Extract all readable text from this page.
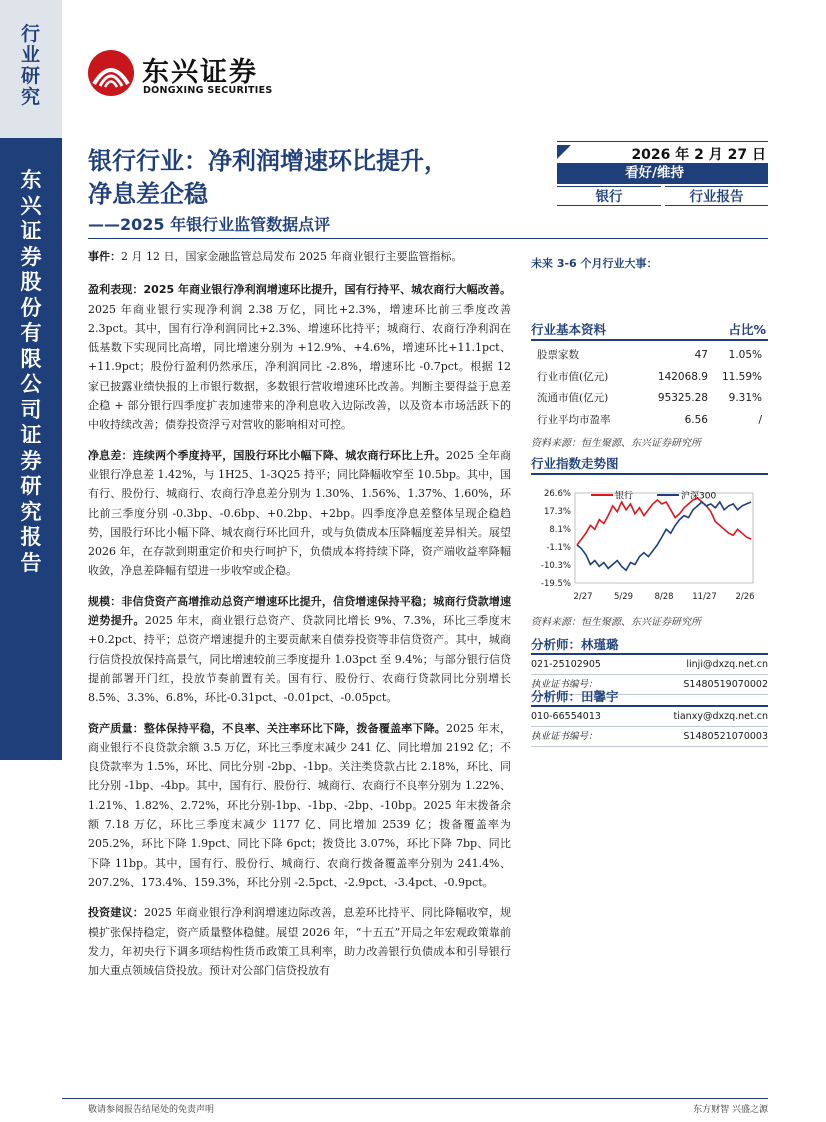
行业研究
东兴证券股份有限公司证券研究报告
东兴证券
DONGXING SECURITIES
银行行业：净利润增速环比提升，
净息差企稳
——2025 年银行业监管数据点评
2026 年 2 月 27 日
看好/维持
银行	行业报告

事件：2 月 12 日，国家金融监管总局发布 2025 年商业银行主要监管指标。

盈利表现：2025 年商业银行净利润增速环比提升，国有行持平、城农商行大幅改善。2025 年商业银行实现净利润 2.38 万亿，同比+2.3%，增速环比前三季度改善 2.3pct。其中，国有行净利润同比+2.3%、增速环比持平；城商行、农商行净利润在低基数下实现同比高增，同比增速分别为 +12.9%、+4.6%，增速环比+11.1pct、+11.9pct；股份行盈利仍然承压，净利润同比 -2.8%，增速环比 -0.7pct。根据 12 家已披露业绩快报的上市银行数据，多数银行营收增速环比改善。判断主要得益于息差企稳 + 部分银行四季度扩表加速带来的净利息收入边际改善，以及资本市场活跃下的中收持续改善；债券投资浮亏对营收的影响相对可控。

净息差：连续两个季度持平，国股行环比小幅下降、城农商行环比上升。2025 全年商业银行净息差 1.42%，与 1H25、1-3Q25 持平；同比降幅收窄至 10.5bp。其中，国有行、股份行、城商行、农商行净息差分别为 1.30%、1.56%、1.37%、1.60%，环比前三季度分别 -0.3bp、-0.6bp、+0.2bp、+2bp。四季度净息差整体呈现企稳趋势，国股行环比小幅下降、城农商行环比回升，或与负债成本压降幅度差异相关。展望 2026 年，在存款到期重定价和央行呵护下，负债成本将持续下降，资产端收益率降幅收敛，净息差降幅有望进一步收窄或企稳。

规模：非信贷资产高增推动总资产增速环比提升，信贷增速保持平稳；城商行贷款增速逆势提升。2025 年末，商业银行总资产、贷款同比增长 9%、7.3%，环比三季度末 +0.2pct、持平；总资产增速提升的主要贡献来自债券投资等非信贷资产。其中，城商行信贷投放保持高景气，同比增速较前三季度提升 1.03pct 至 9.4%；与部分银行信贷提前部署开门红，投放节奏前置有关。国有行、股份行、农商行贷款同比分别增长 8.5%、3.3%、6.8%，环比-0.31pct、-0.01pct、-0.05pct。

资产质量：整体保持平稳，不良率、关注率环比下降，拨备覆盖率下降。2025 年末，商业银行不良贷款余额 3.5 万亿，环比三季度末减少 241 亿、同比增加 2192 亿；不良贷款率为 1.5%，环比、同比分别 -2bp、-1bp。关注类贷款占比 2.18%，环比、同比分别 -1bp、-4bp。其中，国有行、股份行、城商行、农商行不良率分别为 1.22%、1.21%、1.82%、2.72%，环比分别-1bp、-1bp、-2bp、-10bp。2025 年末拨备余额 7.18 万亿，环比三季度末减少 1177 亿、同比增加 2539 亿；拨备覆盖率为 205.2%，环比下降 1.9pct、同比下降 6pct；拨贷比 3.07%，环比下降 7bp、同比下降 11bp。其中，国有行、股份行、城商行、农商行拨备覆盖率分别为 241.4%、207.2%、173.4%、159.3%，环比分别 -2.5pct、-2.9pct、-3.4pct、-0.9pct。

投资建议：2025 年商业银行净利润增速边际改善，息差环比持平、同比降幅收窄，规模扩张保持稳定，资产质量整体稳健。展望 2026 年，“十五五”开局之年宏观政策靠前发力，年初央行下调多项结构性货币政策工具利率，助力改善银行负债成本和引导银行加大重点领域信贷投放。预计对公部门信贷投放有

未来 3-6 个月行业大事：
行业基本资料	占比%
股票家数	47 1.05%
行业市值(亿元)	142068.9 11.59%
流通市值(亿元)	95325.28 9.31%
行业平均市盈率	6.56	/
资料来源：恒生聚源、东兴证券研究所
行业指数走势图
26.6%
17.3%
8.1%
-1.1%
-10.3%
-19.5%
2/27	5/29	8/28 11/27 2/26
银行	沪深300
资料来源：恒生聚源、东兴证券研究所
分析师：林瑾璐
021-25102905	linji@dxzq.net.cn
执业证书编号：	S1480519070002
分析师：田馨宇
010-66554013	tianxy@dxzq.net.cn
执业证书编号：	S1480521070003
敬请参阅报告结尾处的免责声明	东方财智 兴盛之源
